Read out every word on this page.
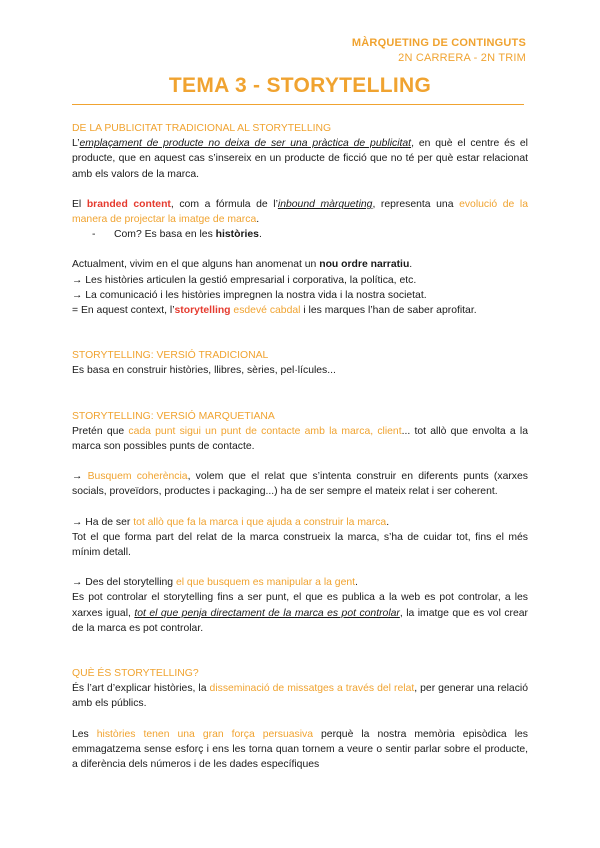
MÀRQUETING DE CONTINGUTS
2N CARRERA - 2N TRIM
TEMA 3 - STORYTELLING

DE LA PUBLICITAT TRADICIONAL AL STORYTELLING

L’emplaçament de producte no deixa de ser una pràctica de publicitat, en què el centre és el producte, que en aquest cas s’insereix en un producte de ficció que no té per què estar relacionat amb els valors de la marca.

El branded content, com a fórmula de l’inbound màrqueting, representa una evolució de la manera de projectar la imatge de marca.

- Com? Es basa en les històries.

Actualment, vivim en el que alguns han anomenat un nou ordre narratiu.

→ Les històries articulen la gestió empresarial i corporativa, la política, etc.

→ La comunicació i les històries impregnen la nostra vida i la nostra societat.

= En aquest context, l’storytelling esdevé cabdal i les marques l’han de saber aprofitar.

STORYTELLING: VERSIÓ TRADICIONAL

Es basa en construir històries, llibres, sèries, pel·lícules...

STORYTELLING: VERSIÓ MARQUETIANA

Pretén que cada punt sigui un punt de contacte amb la marca, client... tot allò que envolta a la marca son possibles punts de contacte.

→ Busquem coherència, volem que el relat que s’intenta construir en diferents punts (xarxes socials, proveïdors, productes i packaging...) ha de ser sempre el mateix relat i ser coherent.

→ Ha de ser tot allò que fa la marca i que ajuda a construir la marca.

Tot el que forma part del relat de la marca construeix la marca, s’ha de cuidar tot, fins el més mínim detall.

→ Des del storytelling el que busquem es manipular a la gent.

Es pot controlar el storytelling fins a ser punt, el que es publica a la web es pot controlar, a les xarxes igual, tot el que penja directament de la marca es pot controlar, la imatge que es vol crear de la marca es pot controlar.

QUÈ ÉS STORYTELLING?

És l’art d’explicar històries, la disseminació de missatges a través del relat, per generar una relació amb els públics.

Les històries tenen una gran força persuasiva perquè la nostra memòria episòdica les emmagatzema sense esforç i ens les torna quan tornem a veure o sentir parlar sobre el producte, a diferència dels números i de les dades específiques
